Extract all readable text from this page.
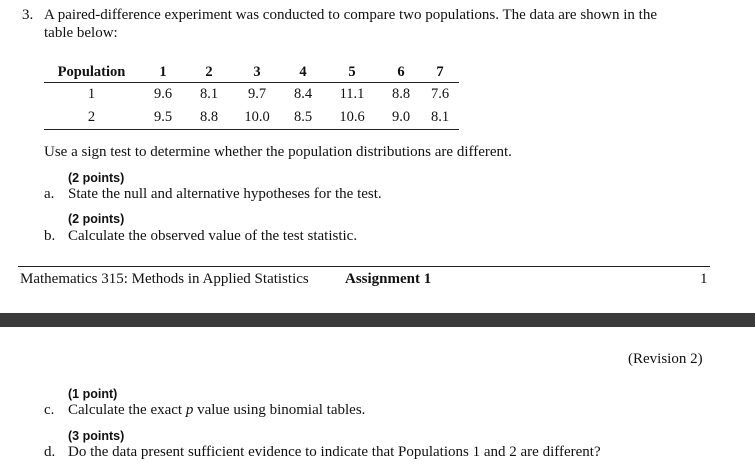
3. A paired-difference experiment was conducted to compare two populations. The data are shown in the
table below:
Population	1	2	3	4	5	6	7
1	9.6	8.1	9.7	8.4	11.1	8.8	7.6
2	9.5	8.8	10.0	8.5	10.6	9.0	8.1
Use a sign test to determine whether the population distributions are different.
(2 points)
a. State the null and alternative hypotheses for the test.
(2 points)
b. Calculate the observed value of the test statistic.
Mathematics 315: Methods in Applied Statistics Assignment 1	1
(Revision 2)
(1 point)
c. Calculate the exact p value using binomial tables.
(3 points)
d. Do the data present sufficient evidence to indicate that Populations 1 and 2 are different?
